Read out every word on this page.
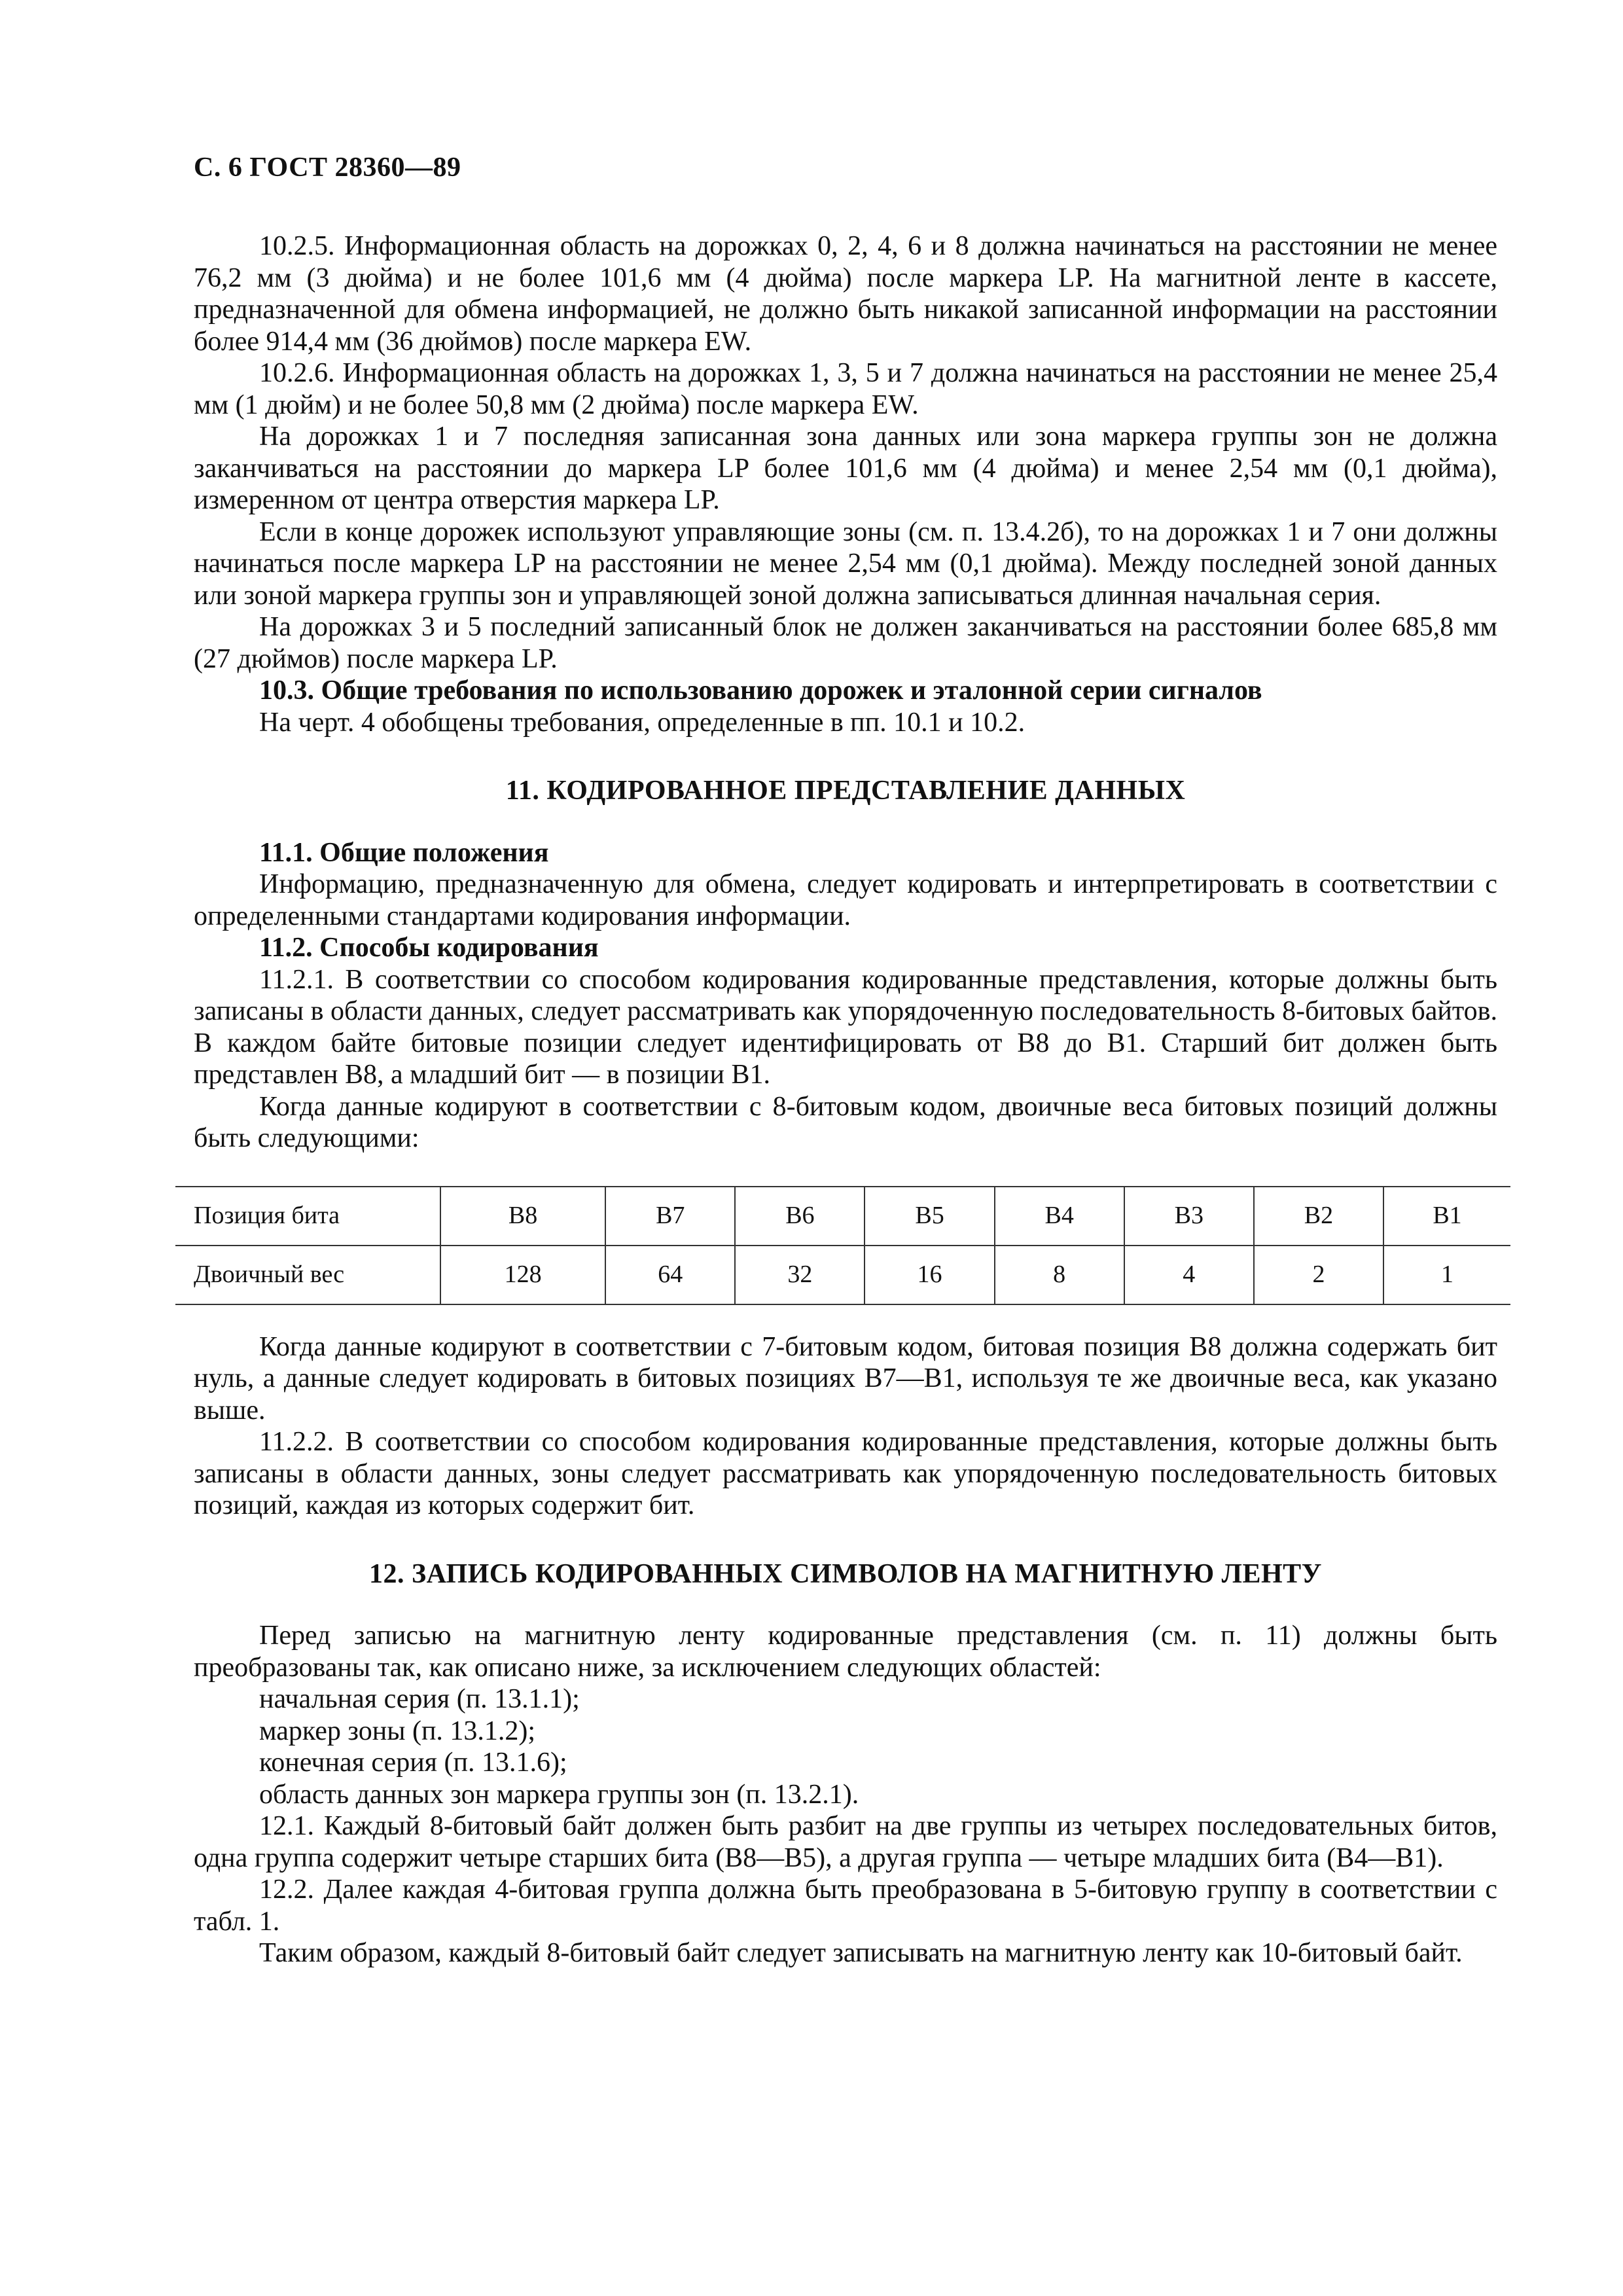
С. 6 ГОСТ 28360—89

10.2.5. Информационная область на дорожках 0, 2, 4, 6 и 8 должна начинаться на расстоянии не менее 76,2 мм (3 дюйма) и не более 101,6 мм (4 дюйма) после маркера LP. На магнитной ленте в кассете, предназначенной для обмена информацией, не должно быть никакой записанной информации на расстоянии более 914,4 мм (36 дюймов) после маркера EW.

10.2.6. Информационная область на дорожках 1, 3, 5 и 7 должна начинаться на расстоянии не менее 25,4 мм (1 дюйм) и не более 50,8 мм (2 дюйма) после маркера EW.

На дорожках 1 и 7 последняя записанная зона данных или зона маркера группы зон не должна заканчиваться на расстоянии до маркера LP более 101,6 мм (4 дюйма) и менее 2,54 мм (0,1 дюйма), измеренном от центра отверстия маркера LP.

Если в конце дорожек используют управляющие зоны (см. п. 13.4.2б), то на дорожках 1 и 7 они должны начинаться после маркера LP на расстоянии не менее 2,54 мм (0,1 дюйма). Между последней зоной данных или зоной маркера группы зон и управляющей зоной должна записываться длинная начальная серия.

На дорожках 3 и 5 последний записанный блок не должен заканчиваться на расстоянии более 685,8 мм (27 дюймов) после маркера LP.

10.3. Общие требования по использованию дорожек и эталонной серии сигналов

На черт. 4 обобщены требования, определенные в пп. 10.1 и 10.2.

11. КОДИРОВАННОЕ ПРЕДСТАВЛЕНИЕ ДАННЫХ

11.1. Общие положения

Информацию, предназначенную для обмена, следует кодировать и интерпретировать в соответствии с определенными стандартами кодирования информации.

11.2. Способы кодирования

11.2.1. В соответствии со способом кодирования кодированные представления, которые должны быть записаны в области данных, следует рассматривать как упорядоченную последовательность 8-битовых байтов. В каждом байте битовые позиции следует идентифицировать от B8 до B1. Старший бит должен быть представлен B8, а младший бит — в позиции B1.

Когда данные кодируют в соответствии с 8-битовым кодом, двоичные веса битовых позиций должны быть следующими:

Позиция бита	B8	B7	B6	B5	B4	B3	B2	B1
Двоичный вес	128	64	32	16	8	4	2	1

Когда данные кодируют в соответствии с 7-битовым кодом, битовая позиция B8 должна содержать бит нуль, а данные следует кодировать в битовых позициях B7—B1, используя те же двоичные веса, как указано выше.

11.2.2. В соответствии со способом кодирования кодированные представления, которые должны быть записаны в области данных, зоны следует рассматривать как упорядоченную последовательность битовых позиций, каждая из которых содержит бит.

12. ЗАПИСЬ КОДИРОВАННЫХ СИМВОЛОВ НА МАГНИТНУЮ ЛЕНТУ

Перед записью на магнитную ленту кодированные представления (см. п. 11) должны быть преобразованы так, как описано ниже, за исключением следующих областей:

начальная серия (п. 13.1.1);

маркер зоны (п. 13.1.2);

конечная серия (п. 13.1.6);

область данных зон маркера группы зон (п. 13.2.1).

12.1. Каждый 8-битовый байт должен быть разбит на две группы из четырех последовательных битов, одна группа содержит четыре старших бита (B8—B5), а другая группа — четыре младших бита (B4—B1).

12.2. Далее каждая 4-битовая группа должна быть преобразована в 5-битовую группу в соответствии с табл. 1.

Таким образом, каждый 8-битовый байт следует записывать на магнитную ленту как 10-битовый байт.
